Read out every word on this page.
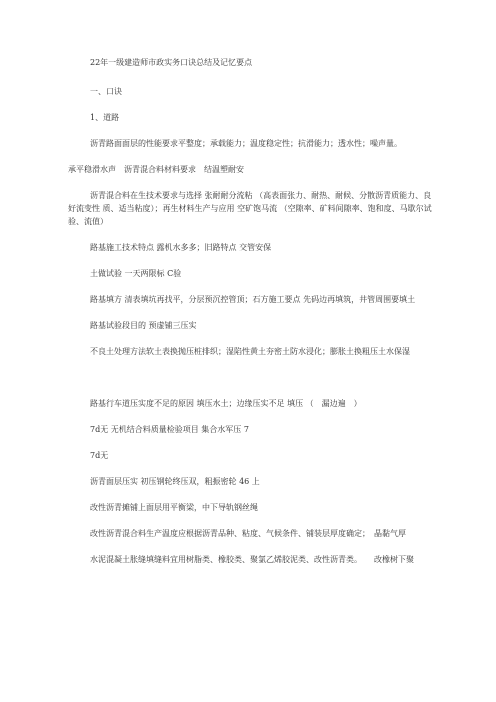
22年一级建造师市政实务口诀总结及记忆要点

一、口诀

1、道路

沥青路面面层的性能要求平整度；承载能力；温度稳定性；抗滑能力；透水性；噪声量。

承平稳滑水声　沥青混合料材料要求　结温塑耐安

沥青混合料在生技术要求与选择 张耐耐分流粘 （高表面张力、耐热、耐候、分散沥青质能力、良好流变性 质、适当粘度）；再生材料生产与应用 空矿饱马流 （空隙率、矿料间隙率、饱和度、马歇尔试验、流值）

路基施工技术特点 露机水多多；旧路特点 交管安保

土做试验 一天两限标 C验

路基填方 清表填坑再找平，分层预沉控管顶；石方施工要点 先码边再填筑，井管周围要填土

路基试验段目的 预虚铺三压实

不良土处理方法软土表换抛压桩排织；湿陷性黄土夯密土防水浸化；膨胀土换粗压土水保湿

路基行车道压实度不足的原因 填压水土；边缘压实不足 填压 （　漏边遍　）

7d无 无机结合料质量检验项目 集合水军压 7

7d无

沥青面层压实 初压钢轮终压双，粗振密轮 46 上

改性沥青摊铺上面层用平衡梁，中下导轨钢丝绳

改性沥青混合料生产温度应根据沥青品种、粘度、气候条件、铺装层厚度确定；　晶黏气厚

水泥混凝土胀缝填缝料宜用树脂类、橡胶类、聚氯乙烯胶泥类、改性沥青类。　　改橡树下聚
